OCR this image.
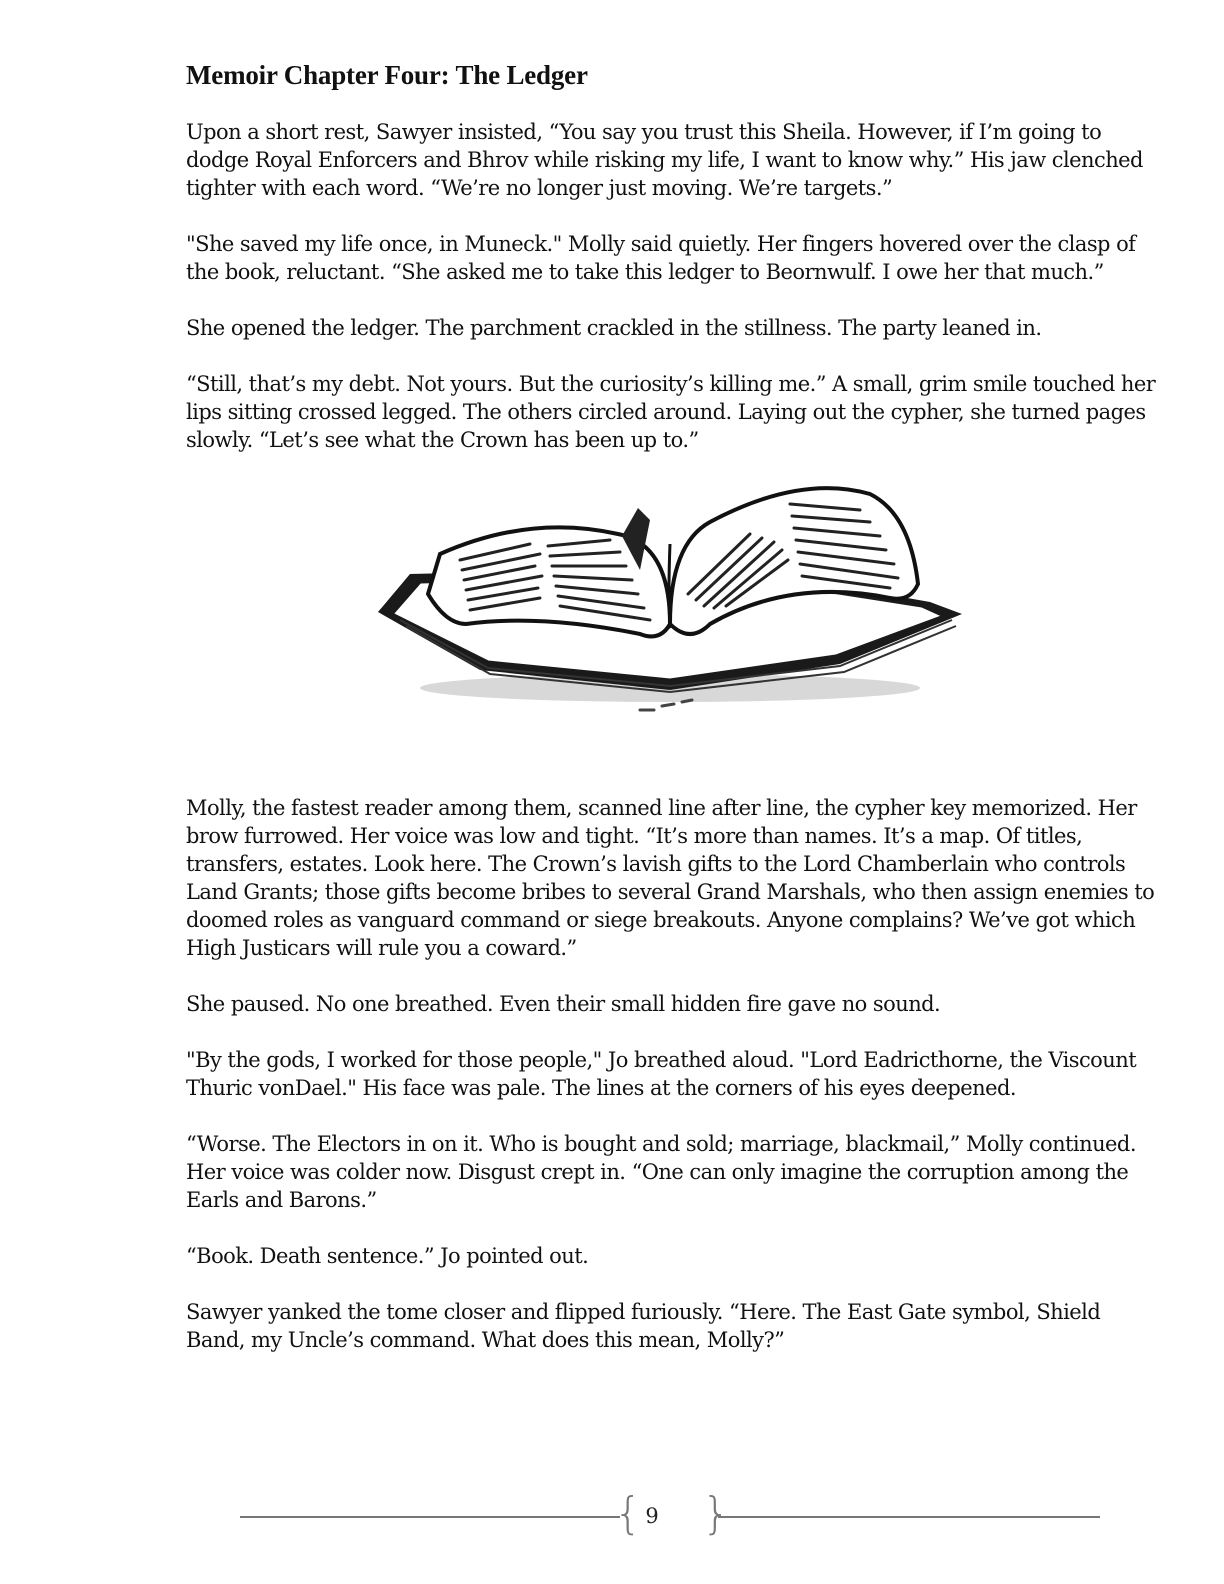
Memoir Chapter Four: The Ledger

Upon a short rest, Sawyer insisted, “You say you trust this Sheila. However, if I’m going to dodge Royal Enforcers and Bhrov while risking my life, I want to know why.” His jaw clenched tighter with each word. “We’re no longer just moving. We’re targets.”

"She saved my life once, in Muneck." Molly said quietly. Her fingers hovered over the clasp of the book, reluctant. “She asked me to take this ledger to Beornwulf. I owe her that much.”

She opened the ledger. The parchment crackled in the stillness. The party leaned in.

“Still, that’s my debt. Not yours. But the curiosity’s killing me.” A small, grim smile touched her lips sitting crossed legged. The others circled around. Laying out the cypher, she turned pages slowly. “Let’s see what the Crown has been up to.”

Molly, the fastest reader among them, scanned line after line, the cypher key memorized. Her brow furrowed. Her voice was low and tight. “It’s more than names. It’s a map. Of titles, transfers, estates. Look here. The Crown’s lavish gifts to the Lord Chamberlain who controls Land Grants; those gifts become bribes to several Grand Marshals, who then assign enemies to doomed roles as vanguard command or siege breakouts. Anyone complains? We’ve got which High Justicars will rule you a coward.”

She paused. No one breathed. Even their small hidden fire gave no sound.

"By the gods, I worked for those people," Jo breathed aloud. "Lord Eadricthorne, the Viscount Thuric vonDael." His face was pale. The lines at the corners of his eyes deepened.

“Worse. The Electors in on it. Who is bought and sold; marriage, blackmail,” Molly continued. Her voice was colder now. Disgust crept in. “One can only imagine the corruption among the Earls and Barons.”

“Book. Death sentence.” Jo pointed out.

Sawyer yanked the tome closer and flipped furiously. “Here. The East Gate symbol, Shield Band, my Uncle’s command. What does this mean, Molly?”

{ 9 }
